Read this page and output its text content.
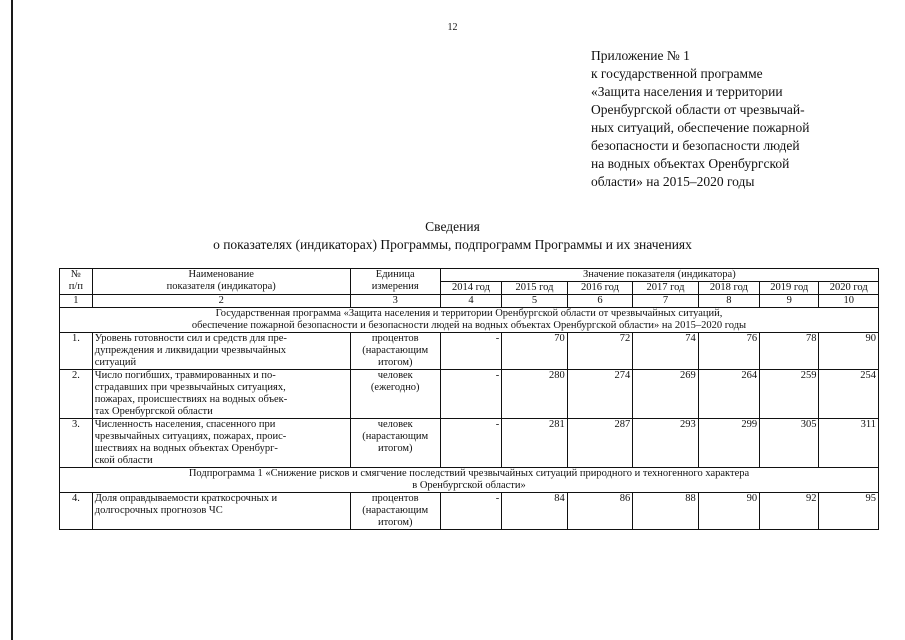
12
Приложение № 1
к государственной программе
«Защита населения и территории
Оренбургской области от чрезвычай-
ных ситуаций, обеспечение пожарной
безопасности и безопасности людей
на водных объектах Оренбургской
области» на 2015–2020 годы
Сведения
о показателях (индикаторах) Программы, подпрограмм Программы и их значениях
№
п/п	Наименование
показателя (индикатора)	Единица
измерения	Значение показателя (индикатора)						
			2014 год	2015 год	2016 год	2017 год	2018 год	2019 год	2020 год
1	2	3	4	5	6	7	8	9	10

Государственная программа «Защита населения и территории Оренбургской области от чрезвычайных ситуаций,
обеспечение пожарной безопасности и безопасности людей на водных объектах Оренбургской области» на 2015–2020 годы									

1.	Уровень готовности сил и средств для пре-
дупреждения и ликвидации чрезвычайных
ситуаций	процентов
(нарастающим
итогом)	-	70	72	74	76	78	90
2.	Число погибших, травмированных и по-
страдавших при чрезвычайных ситуациях,
пожарах, происшествиях на водных объек-
тах Оренбургской области	человек
(ежегодно)	-	280	274	269	264	259	254
3.	Численность населения, спасенного при
чрезвычайных ситуациях, пожарах, проис-
шествиях на водных объектах Оренбург-
ской области	человек
(нарастающим
итогом)	-	281	287	293	299	305	311

Подпрограмма 1 «Снижение рисков и смягчение последствий чрезвычайных ситуаций природного и техногенного характера
в Оренбургской области»									

4.	Доля оправдываемости краткосрочных и
долгосрочных прогнозов ЧС	процентов
(нарастающим
итогом)	-	84	86	88	90	92	95
